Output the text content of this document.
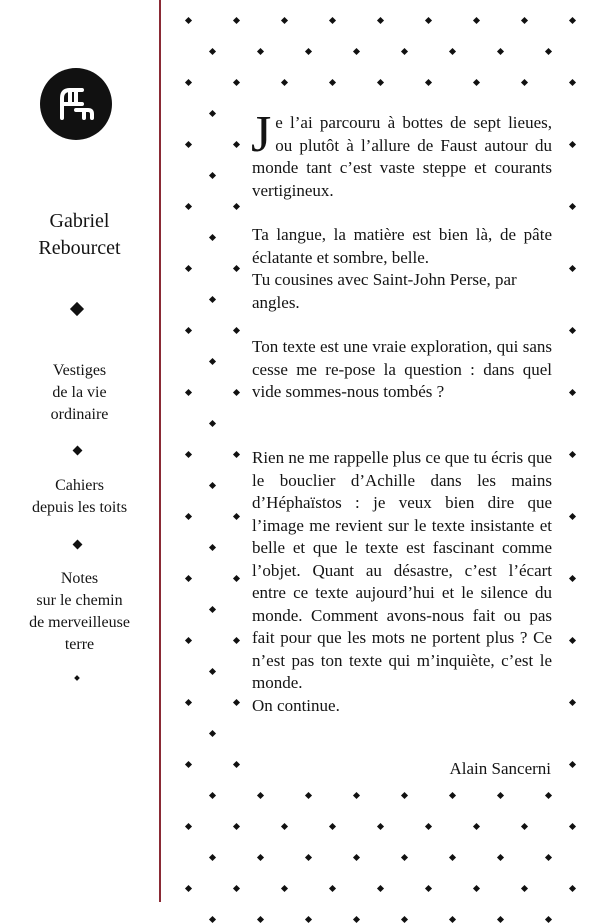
Gabriel
Rebourcet
Vestiges
de la vie
ordinaire
Cahiers
depuis les toits
Notes
sur le chemin
de merveilleuse
terre

Je l’ai parcouru à bottes de sept lieues, ou plutôt à l’allure de Faust autour du monde tant c’est vaste steppe et courants vertigineux.

Ta langue, la matière est bien là, de pâte éclatante et sombre, belle.

Tu cousines avec Saint-John Perse, par angles.

Ton texte est une vraie exploration, qui sans cesse me re-pose la question : dans quel vide sommes-nous tombés ?

Rien ne me rappelle plus ce que tu écris que le bouclier d’Achille dans les mains d’Héphaïstos : je veux bien dire que l’image me revient sur le texte insistante et belle et que le texte est fascinant comme l’objet. Quant au désastre, c’est l’écart entre ce texte aujourd’hui et le silence du monde. Comment avons-nous fait ou pas fait pour que les mots ne portent plus ? Ce n’est pas ton texte qui m’inquiète, c’est le monde.

On continue.

Alain Sancerni
